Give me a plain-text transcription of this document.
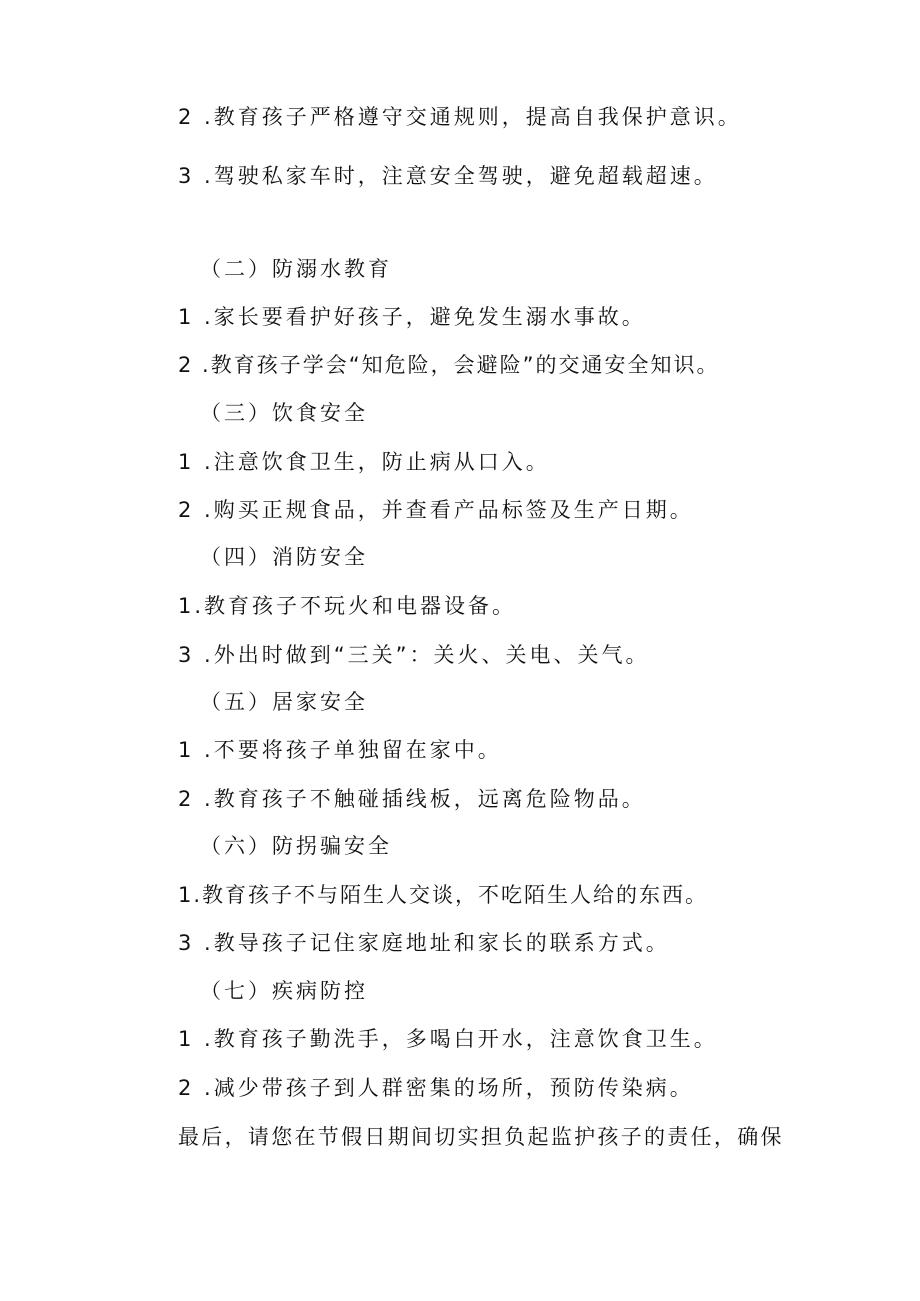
2 .教育孩子严格遵守交通规则，提高自我保护意识。
3 .驾驶私家车时，注意安全驾驶，避免超载超速。
（二）防溺水教育
1 .家长要看护好孩子，避免发生溺水事故。
2 .教育孩子学会“知危险，会避险”的交通安全知识。
（三）饮食安全
1 .注意饮食卫生，防止病从口入。
2 .购买正规食品，并查看产品标签及生产日期。
（四）消防安全
1.教育孩子不玩火和电器设备。
3 .外出时做到“三关”：关火、关电、关气。
（五）居家安全
1 .不要将孩子单独留在家中。
2 .教育孩子不触碰插线板，远离危险物品。
（六）防拐骗安全
1.教育孩子不与陌生人交谈，不吃陌生人给的东西。
3 .教导孩子记住家庭地址和家长的联系方式。
（七）疾病防控
1 .教育孩子勤洗手，多喝白开水，注意饮食卫生。
2 .减少带孩子到人群密集的场所，预防传染病。
最后，请您在节假日期间切实担负起监护孩子的责任，确保
